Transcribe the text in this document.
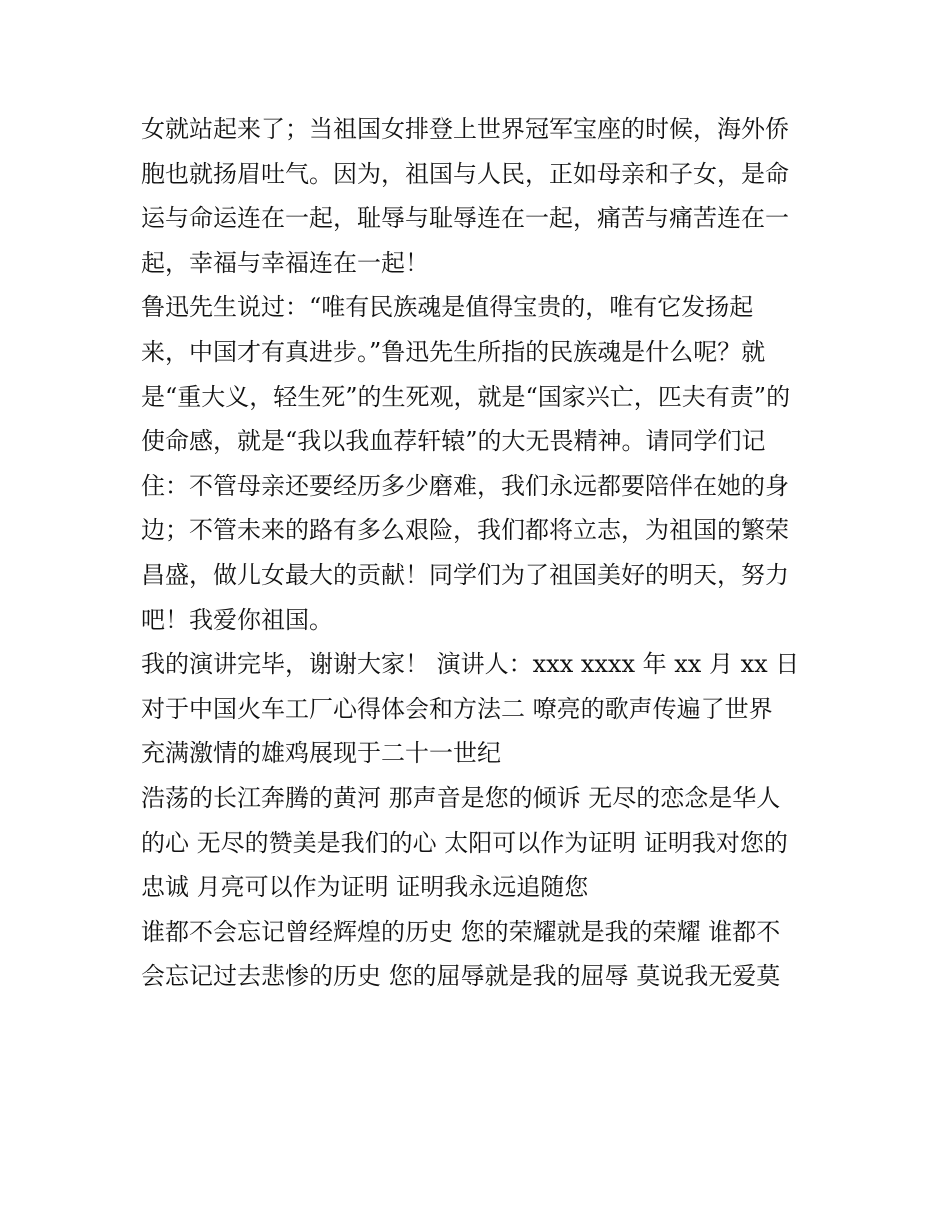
女就站起来了；当祖国女排登上世界冠军宝座的时候，海外侨

胞也就扬眉吐气。因为，祖国与人民，正如母亲和子女，是命

运与命运连在一起，耻辱与耻辱连在一起，痛苦与痛苦连在一

起，幸福与幸福连在一起！

鲁迅先生说过：“唯有民族魂是值得宝贵的，唯有它发扬起

来，中国才有真进步。”鲁迅先生所指的民族魂是什么呢？就

是“重大义，轻生死”的生死观，就是“国家兴亡，匹夫有责”的

使命感，就是“我以我血荐轩辕”的大无畏精神。请同学们记

住：不管母亲还要经历多少磨难，我们永远都要陪伴在她的身

边；不管未来的路有多么艰险，我们都将立志，为祖国的繁荣

昌盛，做儿女最大的贡献！同学们为了祖国美好的明天，努力

吧！我爱你祖国。

我的演讲完毕，谢谢大家！ 演讲人：xxx xxxx 年 xx 月 xx 日

对于中国火车工厂心得体会和方法二 嘹亮的歌声传遍了世界

充满激情的雄鸡展现于二十一世纪

浩荡的长江奔腾的黄河 那声音是您的倾诉 无尽的恋念是华人

的心 无尽的赞美是我们的心 太阳可以作为证明 证明我对您的

忠诚 月亮可以作为证明 证明我永远追随您

谁都不会忘记曾经辉煌的历史 您的荣耀就是我的荣耀 谁都不

会忘记过去悲惨的历史 您的屈辱就是我的屈辱 莫说我无爱莫
